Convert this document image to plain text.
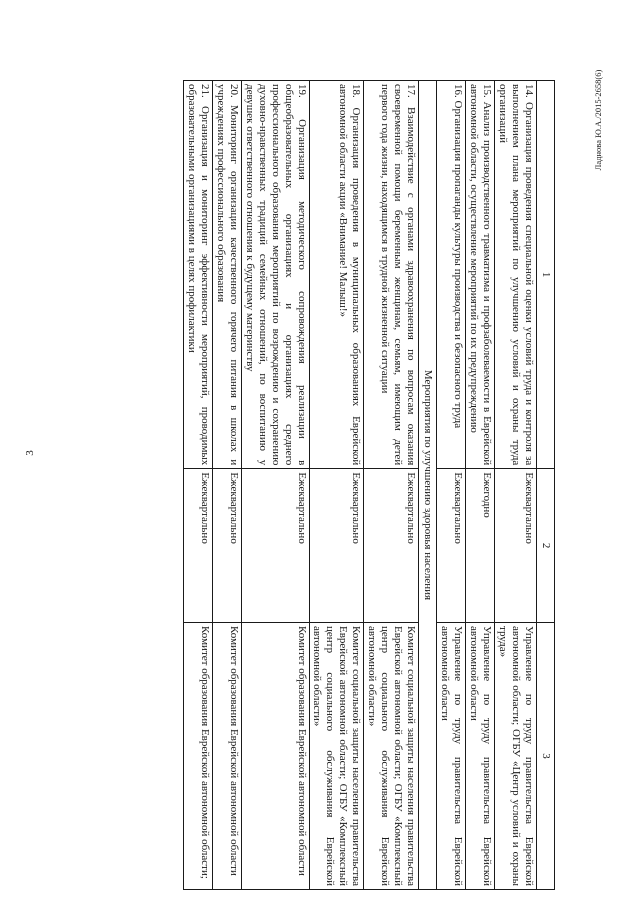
3
Ладнова Ю.А./2015-2658(6)
1	2	3
14. Организация проведения специальной оценки условий труда и контроля за выполнением плана мероприятий по улучшению условий и охраны труда организаций	Ежеквартально	Управление по труду правительства Еврейской автономной области; ОГБУ «Центр условий и охраны труда»
15. Анализ производственного травматизма и профзаболеваемости в Еврейской автономной области, осуществление мероприятий по их предупреждению	Ежегодно	Управление по труду правительства Еврейской автономной области
16. Организация пропаганды культуры производства и безопасного труда	Ежеквартально	Управление по труду правительства Еврейской автономной области
Мероприятия по улучшению здоровья населения		
17. Взаимодействие с органами здравоохранения по вопросам оказания своевременной помощи беременным женщинам, семьям, имеющим детей первого года жизни, находящимся в трудной жизненной ситуации	Ежеквартально	Комитет социальной защиты населения правительства Еврейской автономной области; ОГБУ «Комплексный центр социального обслуживания Еврейской автономной области»
18. Организация проведения в муниципальных образованиях Еврейской автономной области акции «Внимание! Малыш!»	Ежеквартально	Комитет социальной защиты населения правительства Еврейской автономной области; ОГБУ «Комплексный центр социального обслуживания Еврейской автономной области»
19. Организация методического сопровождения реализации в общеобразовательных организациях и организациях среднего профессионального образования мероприятий по возрождению и сохранению духовно-нравственных традиций семейных отношений, по воспитанию у девушек ответственного отношения к будущему материнству	Ежеквартально	Комитет образования Еврейской автономной области
20. Мониторинг организации качественного горячего питания в школах и учреждениях профессионального образования	Ежеквартально	Комитет образования Еврейской автономной области
21. Организация и мониторинг эффективности мероприятий, проводимых образовательными организациями в целях профилактики	Ежеквартально	Комитет образования Еврейской автономной области;
